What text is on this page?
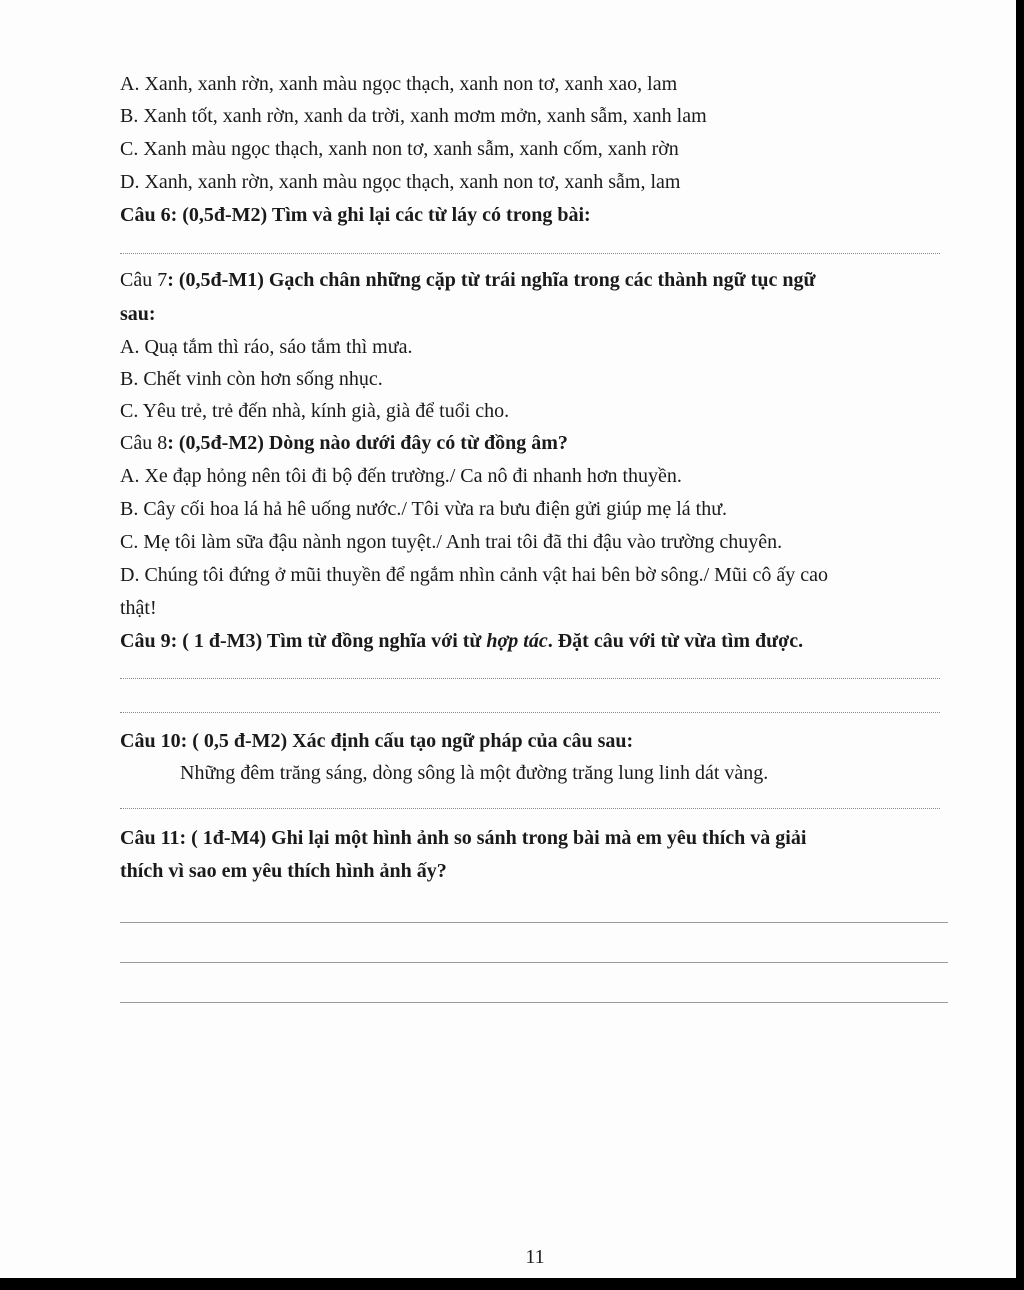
A. Xanh, xanh rờn, xanh màu ngọc thạch, xanh non tơ, xanh xao, lam
B. Xanh tốt, xanh rờn, xanh da trời, xanh mơm mởn, xanh sẫm, xanh lam
C. Xanh màu ngọc thạch, xanh non tơ, xanh sẫm, xanh cốm, xanh rờn
D. Xanh, xanh rờn, xanh màu ngọc thạch, xanh non tơ, xanh sẫm, lam
Câu 6: (0,5đ-M2) Tìm và ghi lại các từ láy có trong bài:
Câu 7: (0,5đ-M1) Gạch chân những cặp từ trái nghĩa trong các thành ngữ tục ngữ
sau:
A. Quạ tắm thì ráo, sáo tắm thì mưa.
B. Chết vinh còn hơn sống nhục.
C. Yêu trẻ, trẻ đến nhà, kính già, già để tuổi cho.
Câu 8: (0,5đ-M2) Dòng nào dưới đây có từ đồng âm?
A. Xe đạp hỏng nên tôi đi bộ đến trường./ Ca nô đi nhanh hơn thuyền.
B. Cây cối hoa lá hả hê uống nước./ Tôi vừa ra bưu điện gửi giúp mẹ lá thư.
C. Mẹ tôi làm sữa đậu nành ngon tuyệt./ Anh trai tôi đã thi đậu vào trường chuyên.
D. Chúng tôi đứng ở mũi thuyền để ngắm nhìn cảnh vật hai bên bờ sông./ Mũi cô ấy cao
thật!
Câu 9: ( 1 đ-M3) Tìm từ đồng nghĩa với từ hợp tác. Đặt câu với từ vừa tìm được.
Câu 10: ( 0,5 đ-M2) Xác định cấu tạo ngữ pháp của câu sau:
Những đêm trăng sáng, dòng sông là một đường trăng lung linh dát vàng.
Câu 11: ( 1đ-M4) Ghi lại một hình ảnh so sánh trong bài mà em yêu thích và giải
thích vì sao em yêu thích hình ảnh ấy?
11
